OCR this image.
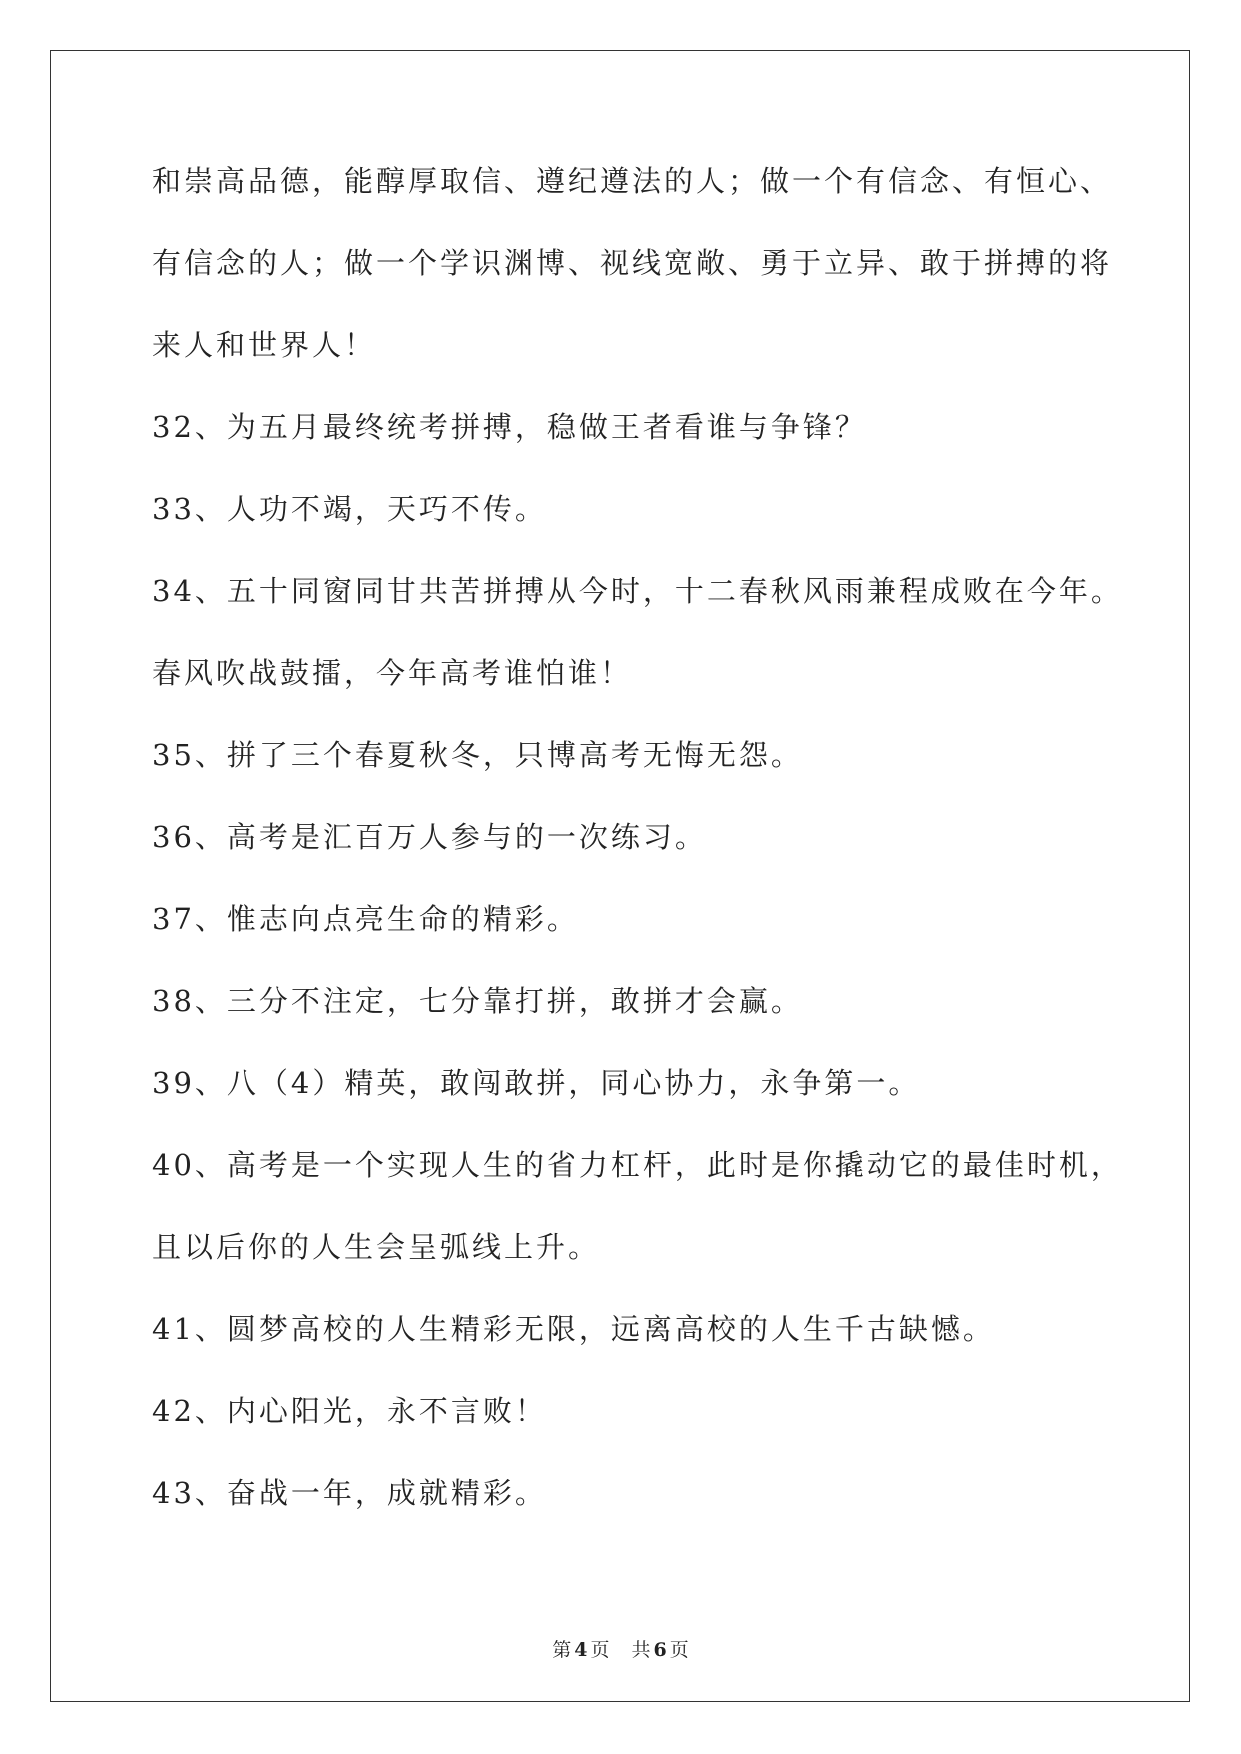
和崇高品德，能醇厚取信、遵纪遵法的人；做一个有信念、有恒心、
有信念的人；做一个学识渊博、视线宽敞、勇于立异、敢于拼搏的将
来人和世界人！
32、为五月最终统考拼搏，稳做王者看谁与争锋？
33、人功不竭，天巧不传。
34、五十同窗同甘共苦拼搏从今时，十二春秋风雨兼程成败在今年。
春风吹战鼓擂，今年高考谁怕谁！
35、拼了三个春夏秋冬，只博高考无悔无怨。
36、高考是汇百万人参与的一次练习。
37、惟志向点亮生命的精彩。
38、三分不注定，七分靠打拼，敢拼才会赢。
39、八（4）精英，敢闯敢拼，同心协力，永争第一。
40、高考是一个实现人生的省力杠杆，此时是你撬动它的最佳时机，
且以后你的人生会呈弧线上升。
41、圆梦高校的人生精彩无限，远离高校的人生千古缺憾。
42、内心阳光，永不言败！
43、奋战一年，成就精彩。
第 4 页 共 6 页
